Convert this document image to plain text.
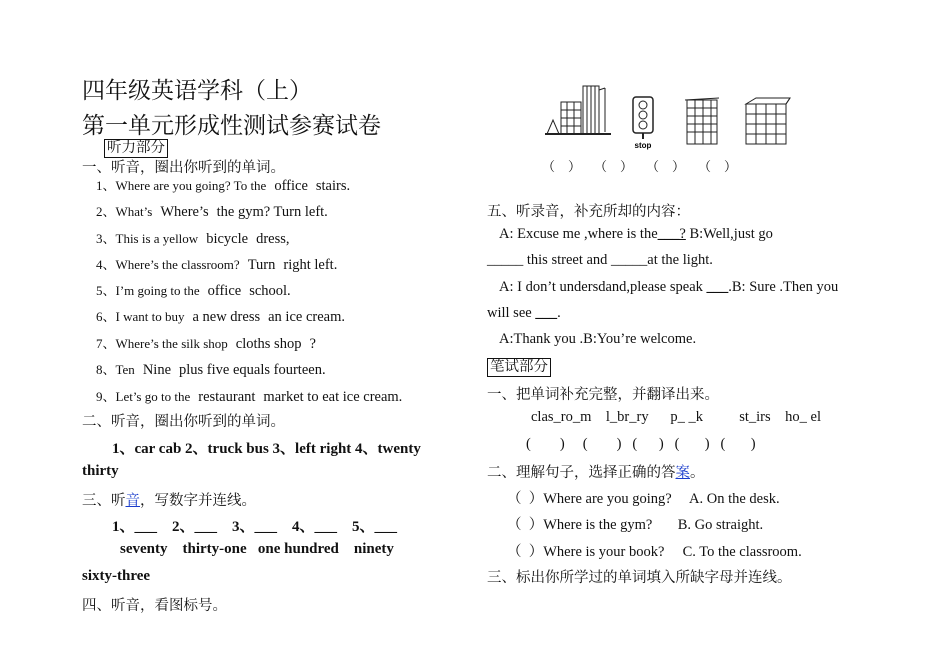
四年级英语学科（上）
第一单元形成性测试参赛试卷
听力部分
一、听音，圈出你听到的单词。
1、Where are you going? To the office stairs.
2、What’s Where’s the gym? Turn left.
3、This is a yellow bicycle dress,
4、Where’s the classroom? Turn right left.
5、I’m going to the office school.
6、I want to buy a new dress an ice cream.
7、Where’s the silk shop cloths shop ?
8、Ten Nine plus five equals fourteen.
9、Let’s go to the restaurant market to eat ice cream.
二、听音，圈出你听到的单词。
1、car cab 2、truck bus 3、left right 4、twenty
thirty
三、听音，写数字并连线。
1、___    2、___    3、___    4、___    5、___
seventy    thirty-one   one hundred    ninety
sixty-three
四、听音，看图标号。
stop
（    ）    （    ）    （    ）    （    ）
五、听录音，补充所却的内容：
A: Excuse me ,where is the___? B:Well,just go
_____ this street and _____at the light.
A: I don’t undersdand,please speak ___.B: Sure .Then you
will see ___.
A:Thank you .B:You’re welcome.
笔试部分
一、把单词补充完整，并翻译出来。
clas_ro_m    l_br_ry      p_ _k          st_irs    ho_ el
(        )     (        )   (      )   (       )   (       )
二、理解句子，选择正确的答案。
（  ）Where are you going?     A. On the desk.
（  ）Where is the gym?       B. Go straight.
（  ）Where is your book?     C. To the classroom.
三、标出你所学过的单词填入所缺字母并连线。
